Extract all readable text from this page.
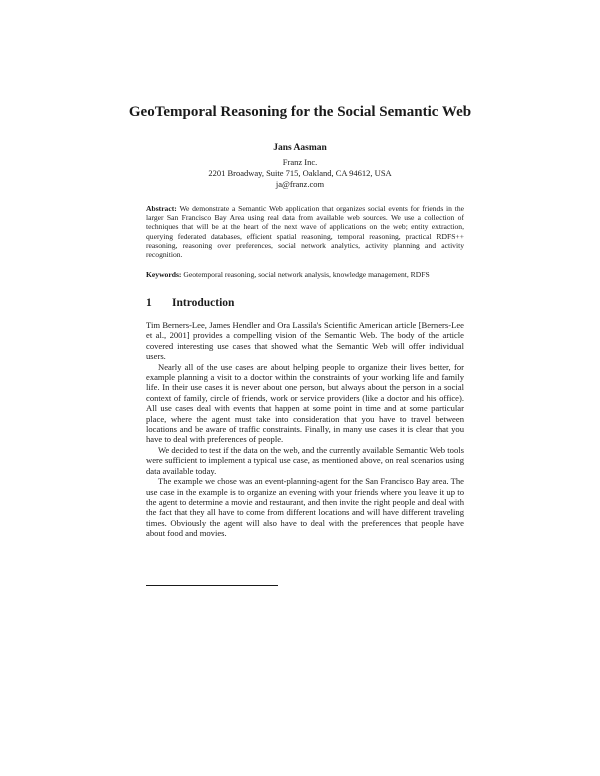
GeoTemporal Reasoning for the Social Semantic Web
Jans Aasman
Franz Inc.
2201 Broadway, Suite 715, Oakland, CA 94612, USA
ja@franz.com
Abstract: We demonstrate a Semantic Web application that organizes social events for friends in the larger San Francisco Bay Area using real data from available web sources. We use a collection of techniques that will be at the heart of the next wave of applications on the web; entity extraction, querying federated databases, efficient spatial reasoning, temporal reasoning, practical RDFS++ reasoning, reasoning over preferences, social network analytics, activity planning and activity recognition.
Keywords: Geotemporal reasoning, social network analysis, knowledge management, RDFS
1 Introduction

Tim Berners-Lee, James Hendler and Ora Lassila's Scientific American article [Berners-Lee et al., 2001] provides a compelling vision of the Semantic Web. The body of the article covered interesting use cases that showed what the Semantic Web will offer individual users.

Nearly all of the use cases are about helping people to organize their lives better, for example planning a visit to a doctor within the constraints of your working life and family life. In their use cases it is never about one person, but always about the person in a social context of family, circle of friends, work or service providers (like a doctor and his office). All use cases deal with events that happen at some point in time and at some particular place, where the agent must take into consideration that you have to travel between locations and be aware of traffic constraints. Finally, in many use cases it is clear that you have to deal with preferences of people.

We decided to test if the data on the web, and the currently available Semantic Web tools were sufficient to implement a typical use case, as mentioned above, on real scenarios using data available today.

The example we chose was an event-planning-agent for the San Francisco Bay area. The use case in the example is to organize an evening with your friends where you leave it up to the agent to determine a movie and restaurant, and then invite the right people and deal with the fact that they all have to come from different locations and will have different traveling times. Obviously the agent will also have to deal with the preferences that people have about food and movies.
